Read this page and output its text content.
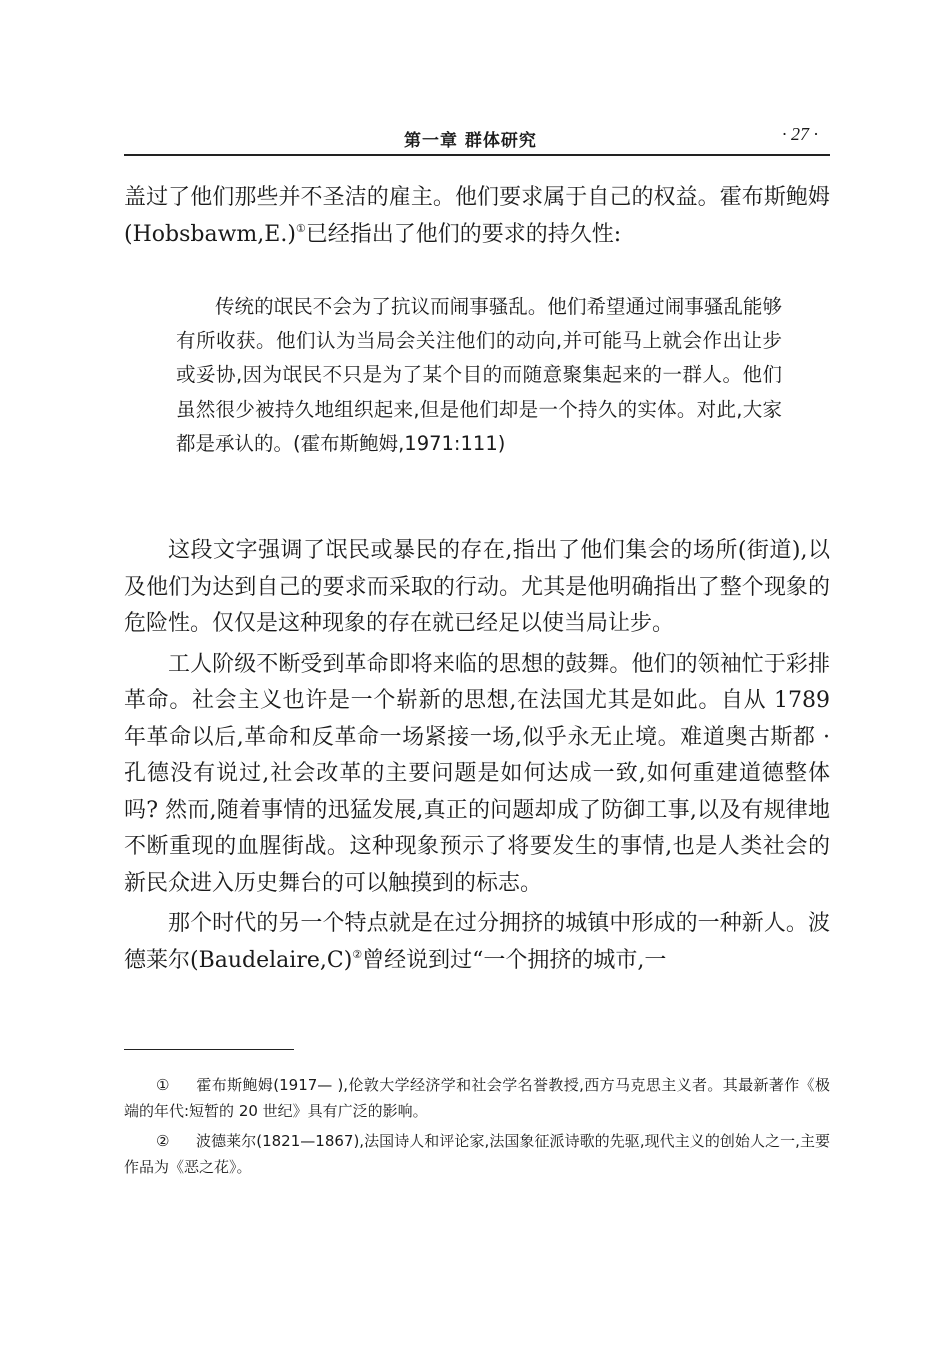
第一章 群体研究	· 27 ·

盖过了他们那些并不圣洁的雇主。他们要求属于自己的权益。霍布斯鲍姆(Hobsbawm,E.)①已经指出了他们的要求的持久性:

传统的氓民不会为了抗议而闹事骚乱。他们希望通过闹事骚乱能够有所收获。他们认为当局会关注他们的动向,并可能马上就会作出让步或妥协,因为氓民不只是为了某个目的而随意聚集起来的一群人。他们虽然很少被持久地组织起来,但是他们却是一个持久的实体。对此,大家都是承认的。(霍布斯鲍姆,1971:111)

这段文字强调了氓民或暴民的存在,指出了他们集会的场所(街道),以及他们为达到自己的要求而采取的行动。尤其是他明确指出了整个现象的危险性。仅仅是这种现象的存在就已经足以使当局让步。

工人阶级不断受到革命即将来临的思想的鼓舞。他们的领袖忙于彩排革命。社会主义也许是一个崭新的思想,在法国尤其是如此。自从 1789 年革命以后,革命和反革命一场紧接一场,似乎永无止境。难道奥古斯都 · 孔德没有说过,社会改革的主要问题是如何达成一致,如何重建道德整体吗? 然而,随着事情的迅猛发展,真正的问题却成了防御工事,以及有规律地不断重现的血腥街战。这种现象预示了将要发生的事情,也是人类社会的新民众进入历史舞台的可以触摸到的标志。

那个时代的另一个特点就是在过分拥挤的城镇中形成的一种新人。波德莱尔(Baudelaire,C)②曾经说到过“一个拥挤的城市,一

① 霍布斯鲍姆(1917— ),伦敦大学经济学和社会学名誉教授,西方马克思主义者。其最新著作《极端的年代:短暂的 20 世纪》具有广泛的影响。

② 波德莱尔(1821—1867),法国诗人和评论家,法国象征派诗歌的先驱,现代主义的创始人之一,主要作品为《恶之花》。
